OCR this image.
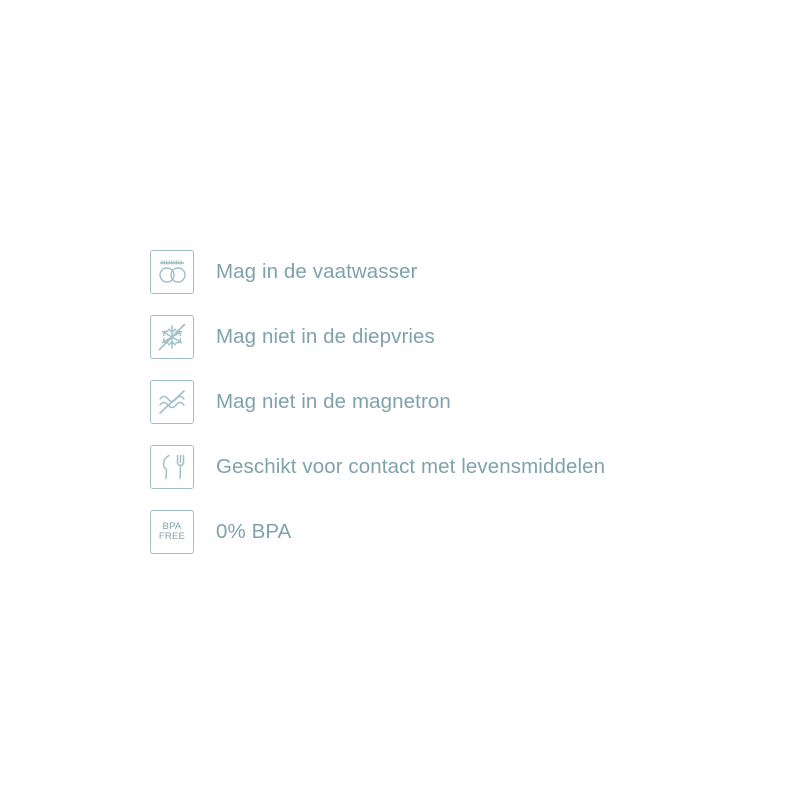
Mag in de vaatwasser
Mag niet in de diepvries
Mag niet in de magnetron
Geschikt voor contact met levensmiddelen
BPA
FREE 0% BPA
